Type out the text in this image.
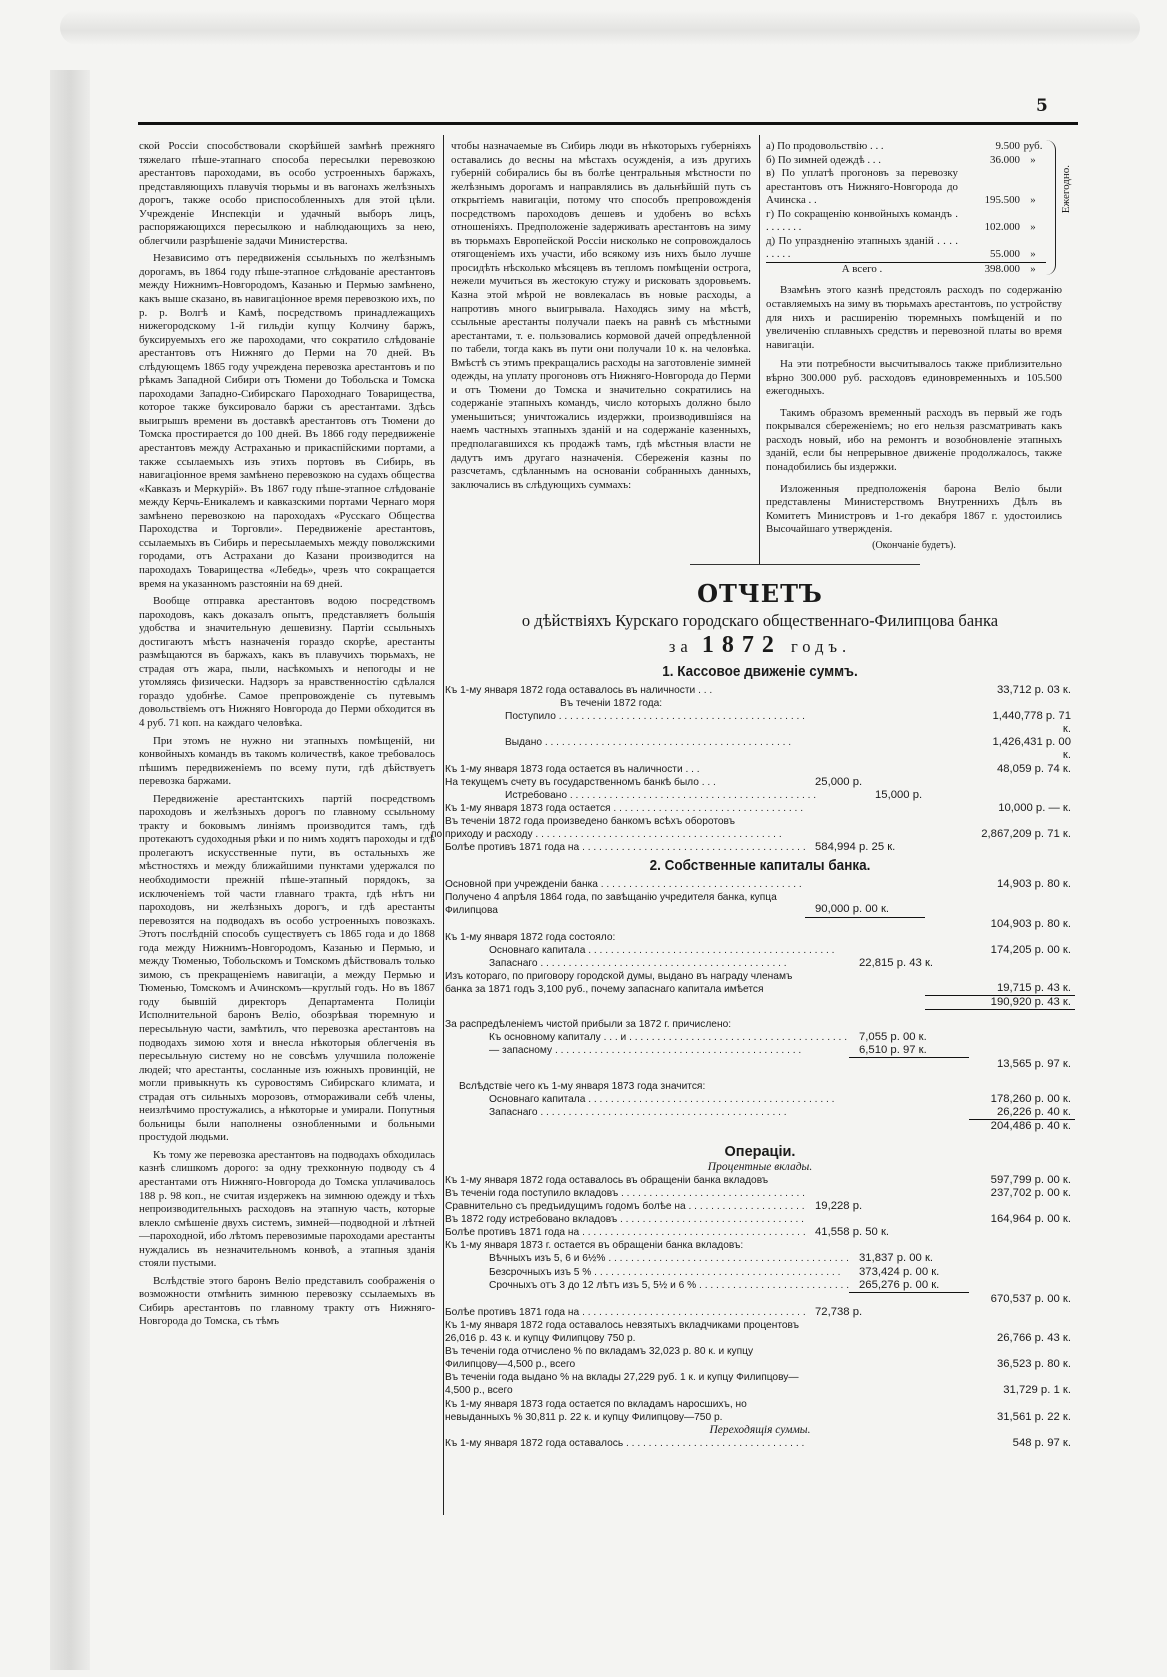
5

ской Россіи способствовали скорѣйшей замѣнѣ прежняго тяжелаго пѣше-этапнаго способа пересылки перевозкою арестантовъ пароходами, въ особо устроенныхъ баржахъ, представляющихъ плавучія тюрьмы и въ вагонахъ желѣзныхъ дорогъ, также особо приспособленныхъ для этой цѣли. Учрежденіе Инспекціи и удачный выборъ лицъ, распоряжающихся пересылкою и наблюдающихъ за нею, облегчили разрѣшеніе задачи Министерства.

Независимо отъ передвиженія ссыльныхъ по желѣзнымъ дорогамъ, въ 1864 году пѣше-этапное слѣдованіе арестантовъ между Нижнимъ-Новгородомъ, Казанью и Пермью замѣнено, какъ выше сказано, въ навигаціонное время перевозкою ихъ, по р. р. Волгѣ и Камѣ, посредствомъ принадлежащихъ нижегородскому 1-й гильдіи купцу Колчину баржъ, буксируемыхъ его же пароходами, что сократило слѣдованіе арестантовъ отъ Нижняго до Перми на 70 дней. Въ слѣдующемъ 1865 году учреждена перевозка арестантовъ и по рѣкамъ Западной Сибири отъ Тюмени до Тобольска и Томска пароходами Западно-Сибирскаго Пароходнаго Товарищества, которое также буксировало баржи съ арестантами. Здѣсь выигрышъ времени въ доставкѣ арестантовъ отъ Тюмени до Томска простирается до 100 дней. Въ 1866 году передвиженіе арестантовъ между Астраханью и прикаспійскими портами, а также ссылаемыхъ изъ этихъ портовъ въ Сибирь, въ навигаціонное время замѣнено перевозкою на судахъ общества «Кавказъ и Меркурій». Въ 1867 году пѣше-этапное слѣдованіе между Керчь-Еникалемъ и кавказскими портами Чернаго моря замѣнено перевозкою на пароходахъ «Русскаго Общества Пароходства и Торговли». Передвиженіе арестантовъ, ссылаемыхъ въ Сибирь и пересылаемыхъ между поволжскими городами, отъ Астрахани до Казани производится на пароходахъ Товарищества «Лебедь», чрезъ что сокращается время на указанномъ разстояніи на 69 дней.

Вообще отправка арестантовъ водою посредствомъ пароходовъ, какъ доказалъ опытъ, представляетъ большія удобства и значительную дешевизну. Партіи ссыльныхъ достигаютъ мѣстъ назначенія гораздо скорѣе, арестанты размѣщаются въ баржахъ, какъ въ плавучихъ тюрьмахъ, не страдая отъ жара, пыли, насѣкомыхъ и непогоды и не утомляясь физически. Надзоръ за нравственностію сдѣлался гораздо удобнѣе. Самое препровожденіе съ путевымъ довольствіемъ отъ Нижняго Новгорода до Перми обходится въ 4 руб. 71 коп. на каждаго человѣка.

При этомъ не нужно ни этапныхъ помѣщеній, ни конвойныхъ командъ въ такомъ количествѣ, какое требовалось пѣшимъ передвиженіемъ по всему пути, гдѣ дѣйствуетъ перевозка баржами.

Передвиженіе арестантскихъ партій посредствомъ пароходовъ и желѣзныхъ дорогъ по главному ссыльному тракту и боковымъ линіямъ производится тамъ, гдѣ протекаютъ судоходныя рѣки и по нимъ ходятъ пароходы и гдѣ пролегаютъ искусственные пути, въ остальныхъ же мѣстностяхъ и между ближайшими пунктами удержался по необходимости прежній пѣше-этапный порядокъ, за исключеніемъ той части главнаго тракта, гдѣ нѣтъ ни пароходовъ, ни желѣзныхъ дорогъ, и гдѣ арестанты перевозятся на подводахъ въ особо устроенныхъ повозкахъ. Этотъ послѣдній способъ существуетъ съ 1865 года и до 1868 года между Нижнимъ-Новгородомъ, Казанью и Пермью, и между Тюменью, Тобольскомъ и Томскомъ дѣйствовалъ только зимою, съ прекращеніемъ навигаціи, а между Пермью и Тюменью, Томскомъ и Ачинскомъ—круглый годъ. Но въ 1867 году бывшій директоръ Департамента Полиціи Исполнительной баронъ Веліо, обозрѣвая тюремную и пересыльную части, замѣтилъ, что перевозка арестантовъ на подводахъ зимою хотя и внесла нѣкоторыя облегченія въ пересыльную систему но не совсѣмъ улучшила положеніе людей; что арестанты, сосланные изъ южныхъ провинцій, не могли привыкнуть къ суровостямъ Сибирскаго климата, и страдая отъ сильныхъ морозовъ, отмораживали себѣ члены, неизлѣчимо простужались, а нѣкоторые и умирали. Попутныя больницы были наполнены ознобленными и больными простудой людьми.

Къ тому же перевозка арестантовъ на подводахъ обходилась казнѣ слишкомъ дорого: за одну трехконную подводу съ 4 арестантами отъ Нижняго-Новгорода до Томска уплачивалось 188 р. 98 коп., не считая издержекъ на зимнюю одежду и тѣхъ непроизводительныхъ расходовъ на этапную часть, которые влекло смѣшеніе двухъ системъ, зимней—подводной и лѣтней—пароходной, ибо лѣтомъ перевозимые пароходами арестанты нуждались въ незначительномъ конвоѣ, а этапныя зданія стояли пустыми.

Вслѣдствіе этого баронъ Веліо представилъ соображенія о возможности отмѣнить зимнюю перевозку ссылаемыхъ въ Сибирь арестантовъ по главному тракту отъ Нижняго-Новгорода до Томска, съ тѣмъ

чтобы назначаемые въ Сибирь люди въ нѣкоторыхъ губерніяхъ оставались до весны на мѣстахъ осужденія, а изъ другихъ губерній собирались бы въ болѣе центральныя мѣстности по желѣзнымъ дорогамъ и направлялись въ дальнѣйшій путь съ открытіемъ навигаціи, потому что способъ препровожденія посредствомъ пароходовъ дешевъ и удобенъ во всѣхъ отношеніяхъ. Предположеніе задерживать арестантовъ на зиму въ тюрьмахъ Европейской Россіи нисколько не сопровождалось отягощеніемъ ихъ участи, ибо всякому изъ нихъ было лучше просидѣть нѣсколько мѣсяцевъ въ тепломъ помѣщеніи острога, нежели мучиться въ жестокую стужу и рисковать здоровьемъ. Казна этой мѣрой не вовлекалась въ новые расходы, а напротивъ много выигрывала. Находясь зиму на мѣстѣ, ссыльные арестанты получали паекъ на равнѣ съ мѣстными арестантами, т. е. пользовались кормовой дачей опредѣленной по табели, тогда какъ въ пути они получали 10 к. на человѣка. Вмѣстѣ съ этимъ прекращались расходы на заготовленіе зимней одежды, на уплату прогоновъ отъ Нижняго-Новгорода до Перми и отъ Тюмени до Томска и значительно сократились на содержаніе этапныхъ командъ, число которыхъ должно было уменьшиться; уничтожались издержки, производившіяся на наемъ частныхъ этапныхъ зданій и на содержаніе казенныхъ, предполагавшихся къ продажѣ тамъ, гдѣ мѣстныя власти не дадутъ имъ другаго назначенія. Сбереженія казны по разсчетамъ, сдѣланнымъ на основаніи собранныхъ данныхъ, заключались въ слѣдующихъ суммахъ:

а) По продовольствію . . .	9.500	руб.
б) По зимней одеждѣ . . .	36.000	»
в) По уплатѣ прогоновъ за перевозку арестантовъ отъ Нижняго-Новгорода до Ачинска . .	195.500	»
г) По сокращенію конвойныхъ командъ . . . . . . . .	102.000	»
д) По упраздненію этапныхъ зданій . . . . . . . . .	55.000	»
А всего .	398.000	»

Взамѣнъ этого казнѣ предстоялъ расходъ по содержанію оставляемыхъ на зиму въ тюрьмахъ арестантовъ, по устройству для нихъ и расширенію тюремныхъ помѣщеній и по увеличенію сплавныхъ средствъ и перевозной платы во время навигаціи.

На эти потребности высчитывалось также приблизительно вѣрно 300.000 руб. расходовъ единовременныхъ и 105.500 ежегодныхъ.

Такимъ образомъ временный расходъ въ первый же годъ покрывался сбереженіемъ; но его нельзя разсматривать какъ расходъ новый, ибо на ремонтъ и возобновленіе этапныхъ зданій, если бы непрерывное движеніе продолжалось, также понадобились бы издержки.

Изложенныя предположенія барона Веліо были представлены Министерствомъ Внутреннихъ Дѣлъ въ Комитетъ Министровъ и 1-го декабря 1867 г. удостоились Высочайшаго утвержденія.

(Окончаніе будетъ).
Ежегодно.
ОТЧЕТЪ
о дѣйствіяхъ Курскаго городскаго общественнаго-Филипцова банка
за 1872 годъ.
1. Кассовое движеніе суммъ.
Къ 1-му января 1872 года оставалось въ наличности . . .	33,712 р. 03 к.
Въ теченіи 1872 года:
Поступило . . .	1,440,778 р. 71 к.
Выдано . . .	1,426,431 р. 00 к.
Къ 1-му января 1873 года остается въ наличности . . .	48,059 р. 74 к.
На текущемъ счету въ государственномъ банкѣ было . . .	25,000 р.
Истребовано . . .	15,000 р.
Къ 1-му января 1873 года остается . . .	10,000 р. — к.
Въ теченіи 1872 года произведено банкомъ всѣхъ оборотовъ
по приходу и расходу . . .	2,867,209 р. 71 к.
Болѣе противъ 1871 года на . . .	584,994 р. 25 к.
2. Собственные капиталы банка.
Основной при учрежденіи банка . . .	14,903 р. 80 к.
Получено 4 апрѣля 1864 года, по завѣщанію учредителя банка, купца Филипцова	90,000 р. 00 к.
104,903 р. 80 к.
Къ 1-му января 1872 года состояло:
Основнаго капитала . . .	174,205 р. 00 к.
Запаснаго . . .	22,815 р. 43 к.
Изъ котораго, по приговору городской думы, выдано въ награду членамъ банка за 1871 годъ 3,100 руб., почему запаснаго капитала имѣется	19,715 р. 43 к.
190,920 р. 43 к.
За распредѣленіемъ чистой прибыли за 1872 г. причислено:
Къ основному капиталу . . . и . . .	7,055 р. 00 к.
— запасному . . .	6,510 р. 97 к.
13,565 р. 97 к.
Вслѣдствіе чего къ 1-му января 1873 года значится:
Основнаго капитала . . .	178,260 р. 00 к.
Запаснаго . . .	26,226 р. 40 к.
204,486 р. 40 к.
Операціи.
Процентные вклады.
Къ 1-му января 1872 года оставалось въ обращеніи банка вкладовъ	597,799 р. 00 к.
Въ теченіи года поступило вкладовъ . . .	237,702 р. 00 к.
Сравнительно съ предъидущимъ годомъ болѣе на . . .	19,228 р.
Въ 1872 году истребовано вкладовъ . . .	164,964 р. 00 к.
Болѣе противъ 1871 года на . . .	41,558 р. 50 к.
Къ 1-му января 1873 г. остается въ обращеніи банка вкладовъ:
Вѣчныхъ изъ 5, 6 и 6½% . . .	31,837 р. 00 к.
Безсрочныхъ изъ 5 % . . .	373,424 р. 00 к.
Срочныхъ отъ 3 до 12 лѣтъ изъ 5, 5½ и 6 % . . .	265,276 р. 00 к.
670,537 р. 00 к.
Болѣе противъ 1871 года на . . .	72,738 р.
Къ 1-му января 1872 года оставалось невзятыхъ вкладчиками процентовъ 26,016 р. 43 к. и купцу Филипцову 750 р.	26,766 р. 43 к.
Въ теченіи года отчислено % по вкладамъ 32,023 р. 80 к. и купцу Филипцову—4,500 р., всего	36,523 р. 80 к.
Въ теченіи года выдано % на вклады 27,229 руб. 1 к. и купцу Филипцову—4,500 р., всего	31,729 р. 1 к.
Къ 1-му января 1873 года остается по вкладамъ наросшихъ, но невыданныхъ % 30,811 р. 22 к. и купцу Филипцову—750 р.	31,561 р. 22 к.
Переходящія суммы.
Къ 1-му января 1872 года оставалось . . .	548 р. 97 к.
